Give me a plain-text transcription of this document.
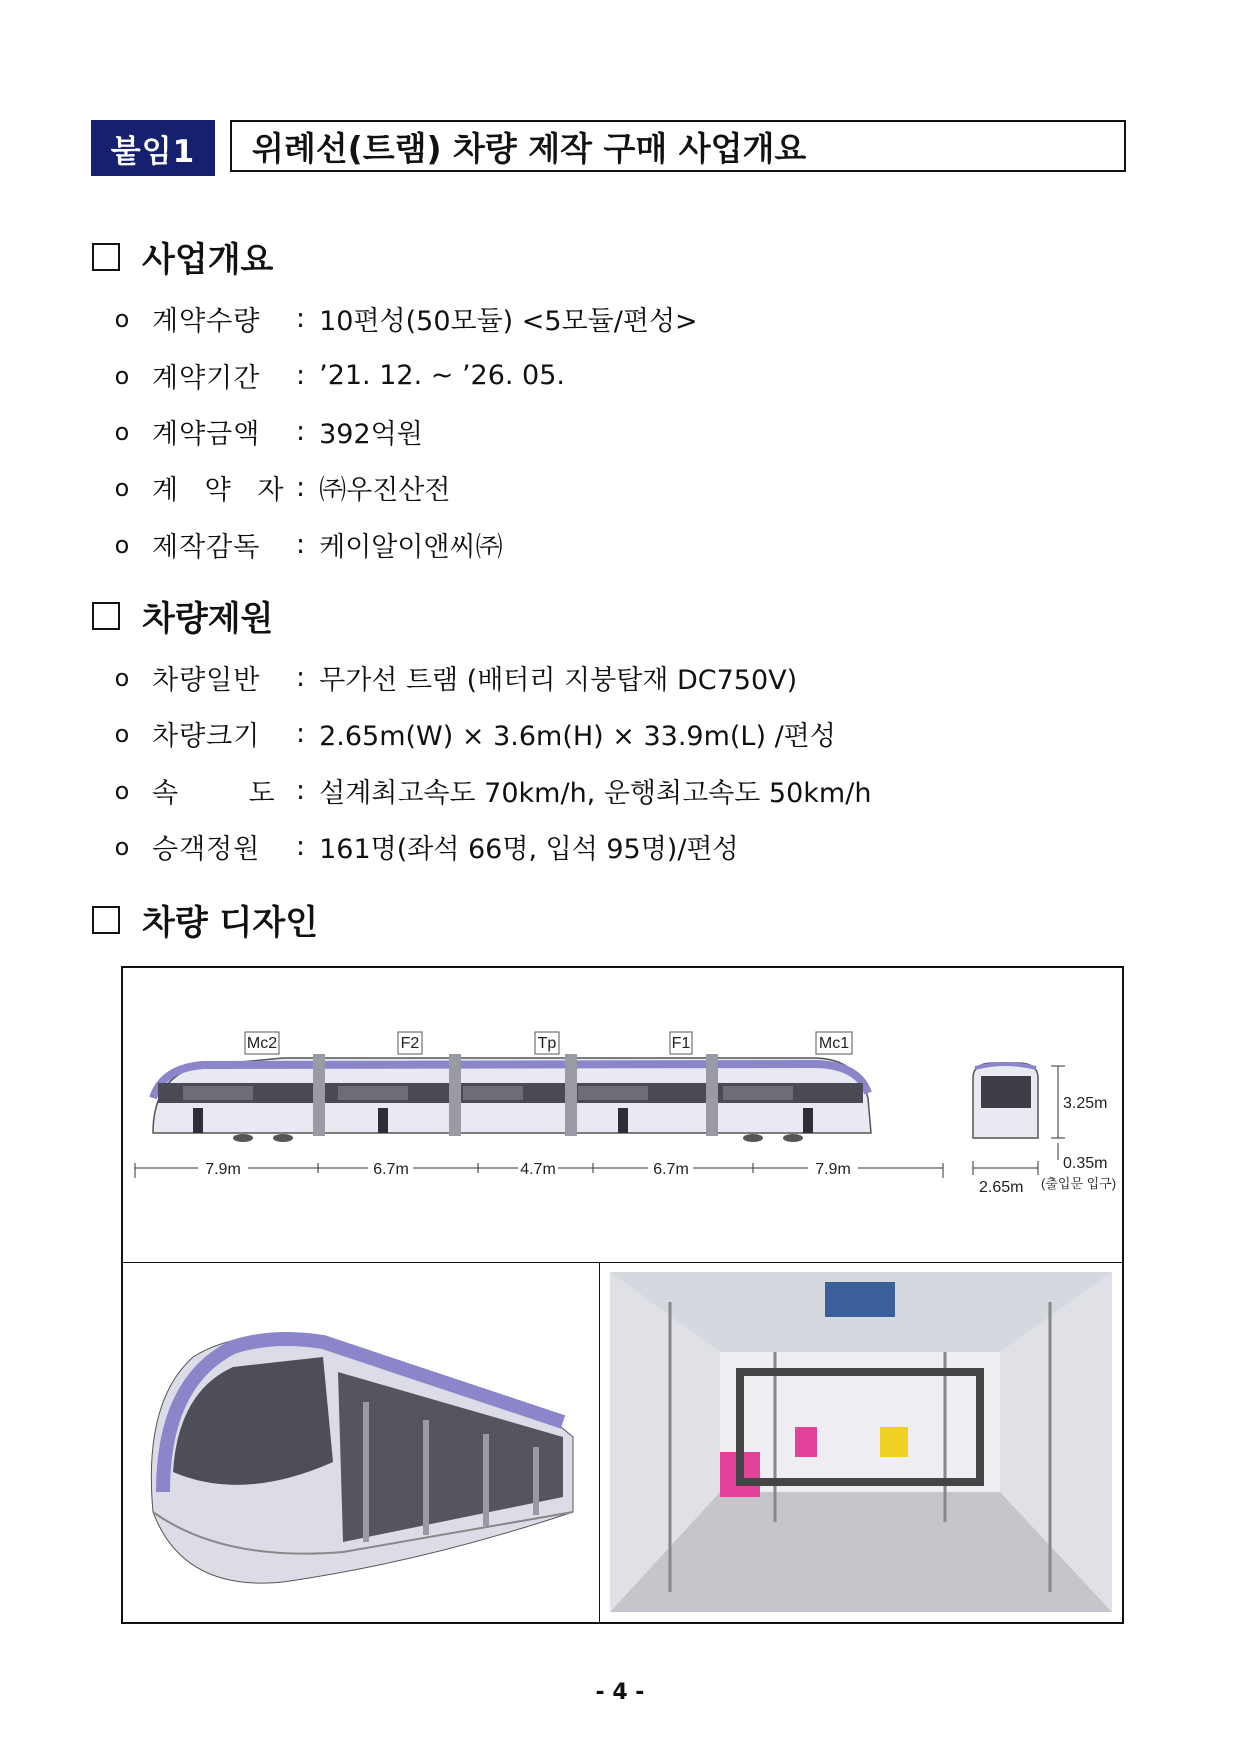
붙임1	위례선(트램) 차량 제작 구매 사업개요
사업개요
o 계약수량	: 10편성(50모듈) <5모듈/편성>
o 계약기간	: ’21. 12. ~ ’26. 05.
o 계약금액	: 392억원
o 계 약 자 : ㈜우진산전
o 제작감독	: 케이알이앤씨㈜
차량제원
o 차량일반	: 무가선 트램 (배터리 지붕탑재 DC750V)
o 차량크기	: 2.65m(W) × 3.6m(H) × 33.9m(L) /편성
o 속 도 : 설계최고속도 70km/h, 운행최고속도 50km/h
o 승객정원	: 161명(좌석 66명, 입석 95명)/편성
차량 디자인
Mc2	F2	Tp	F1	Mc1
7.9m	6.7m	4.7m	6.7m	7.9m
3.25m
0.35m
2.65m (출입문 입구)
- 4 -
